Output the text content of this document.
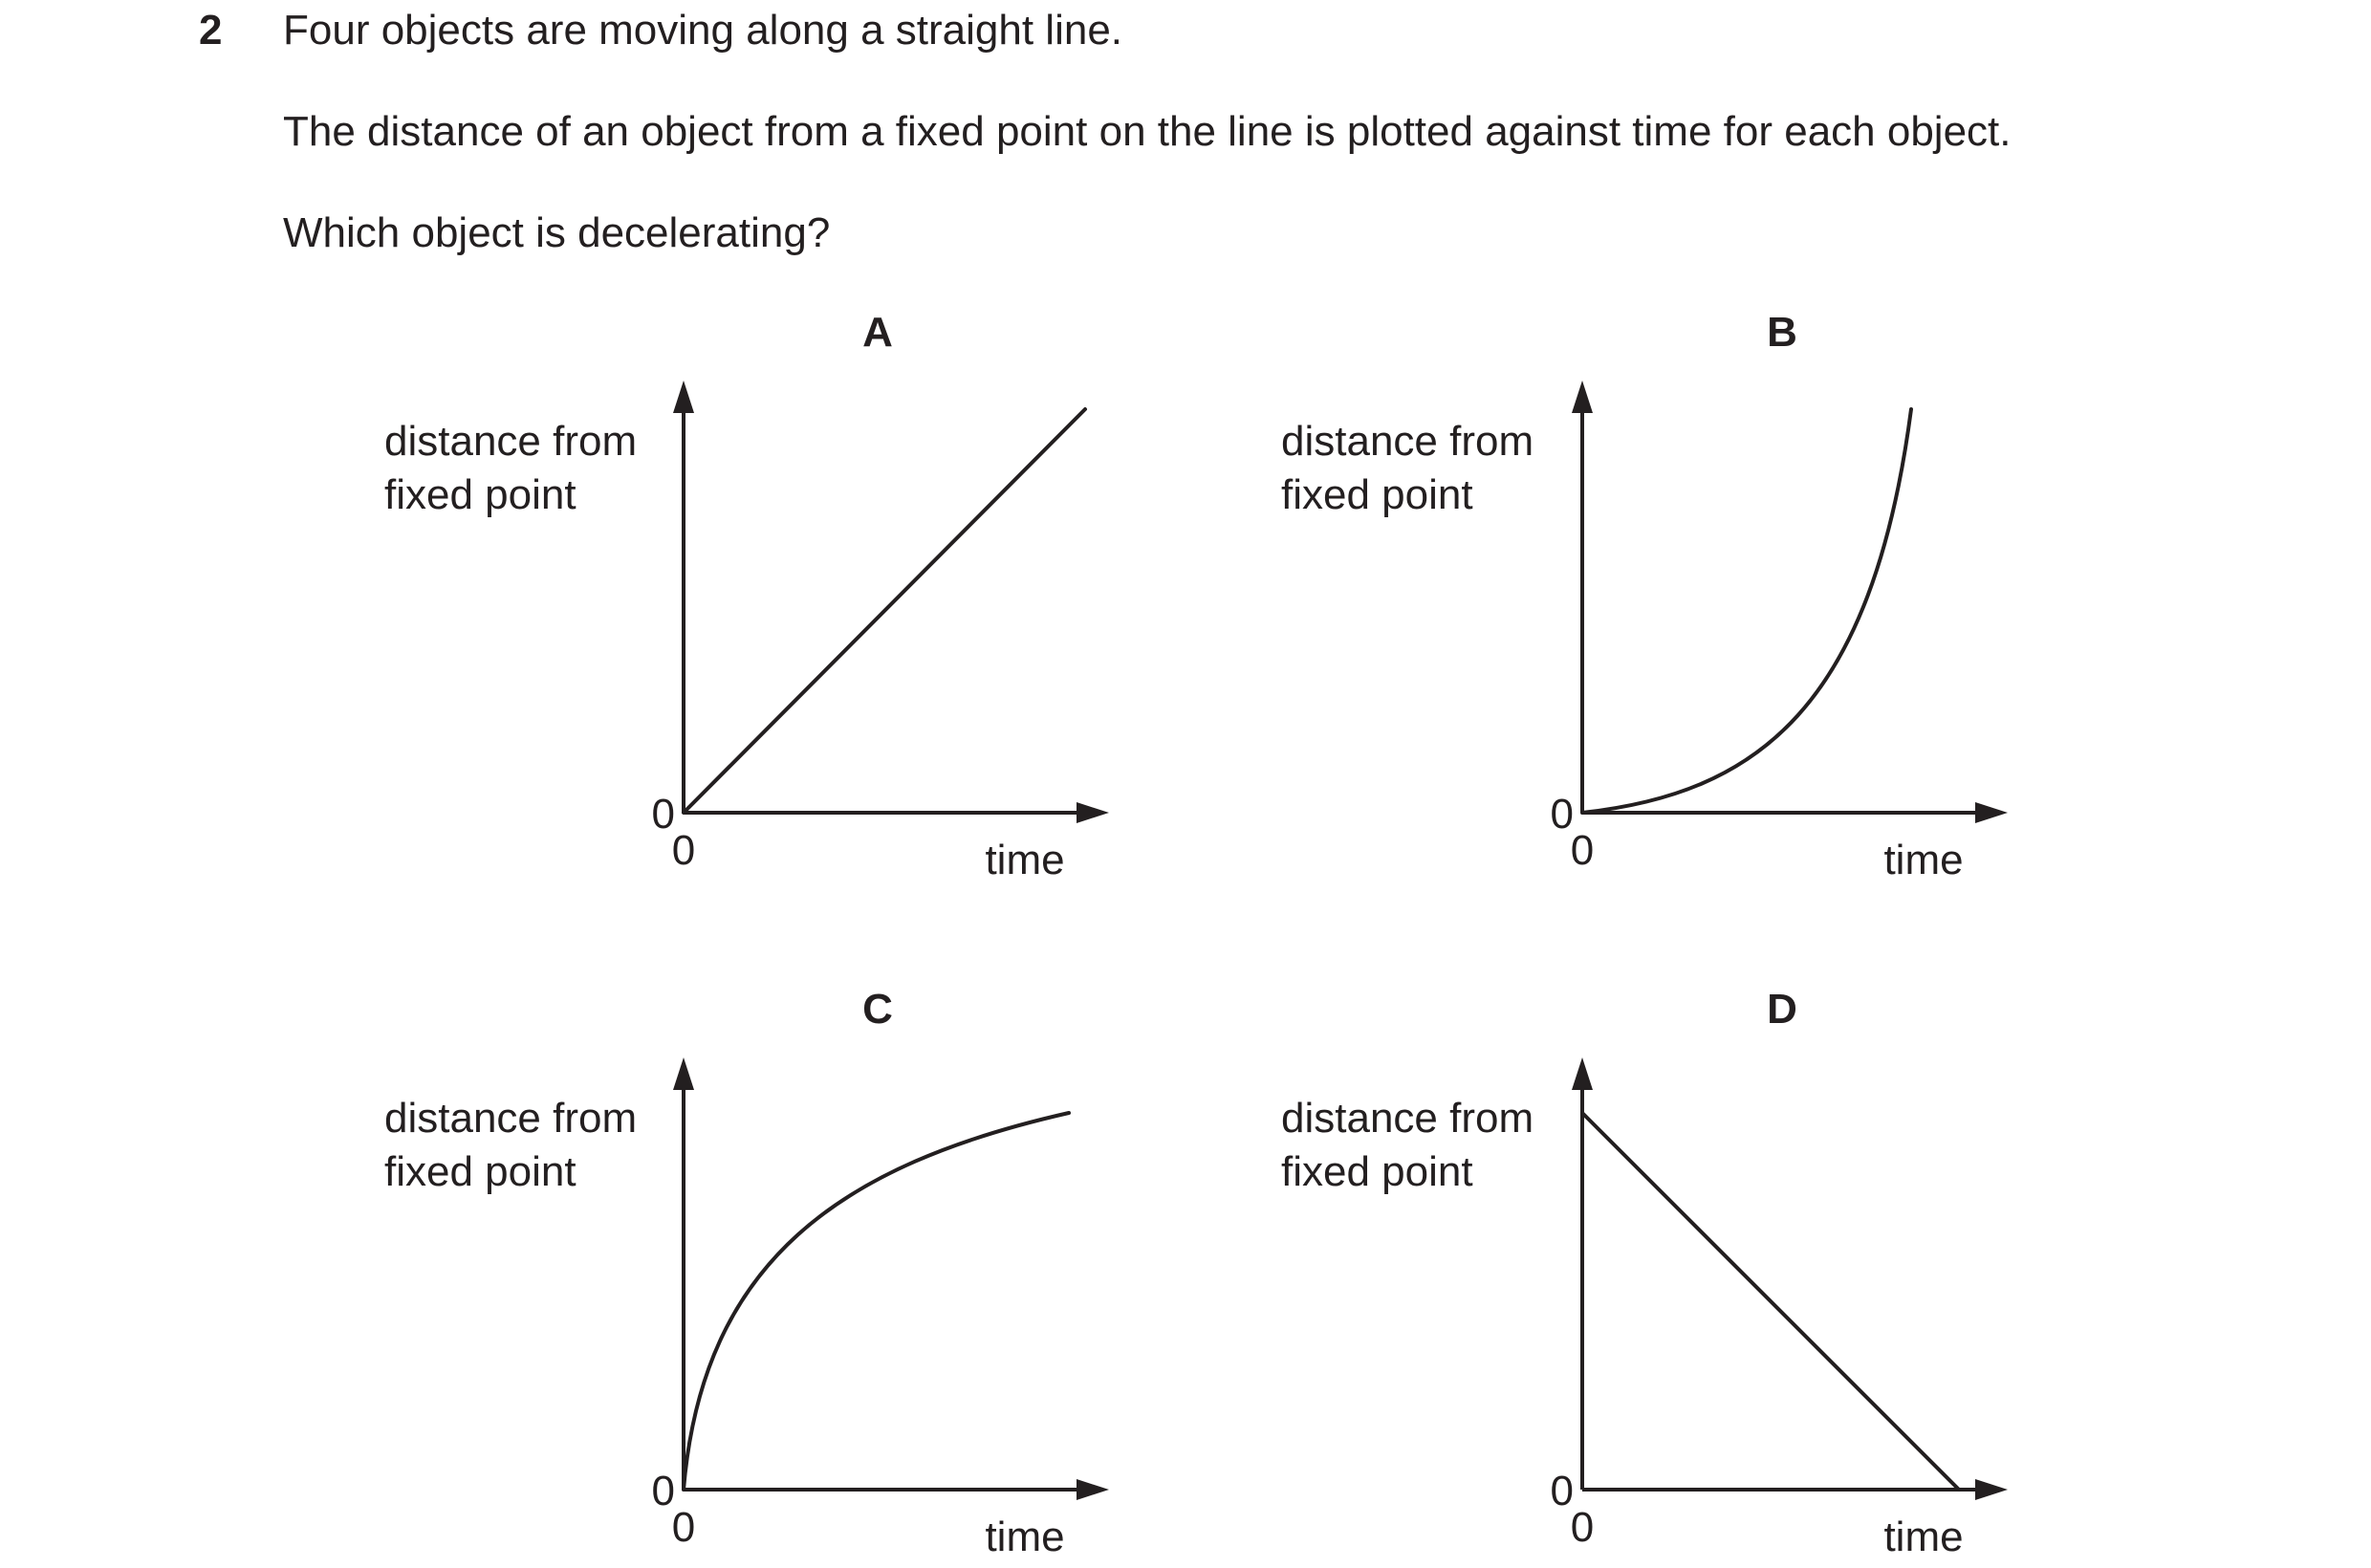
2 Four objects are moving along a straight line.
The distance of an object from a fixed point on the line is plotted against time for each object.
Which object is decelerating?
A
distance from
fixed point
0
0	time
B
distance from
fixed point
0
0	time
C
distance from
fixed point
0
0	time
D
distance from
fixed point
0
0	time
